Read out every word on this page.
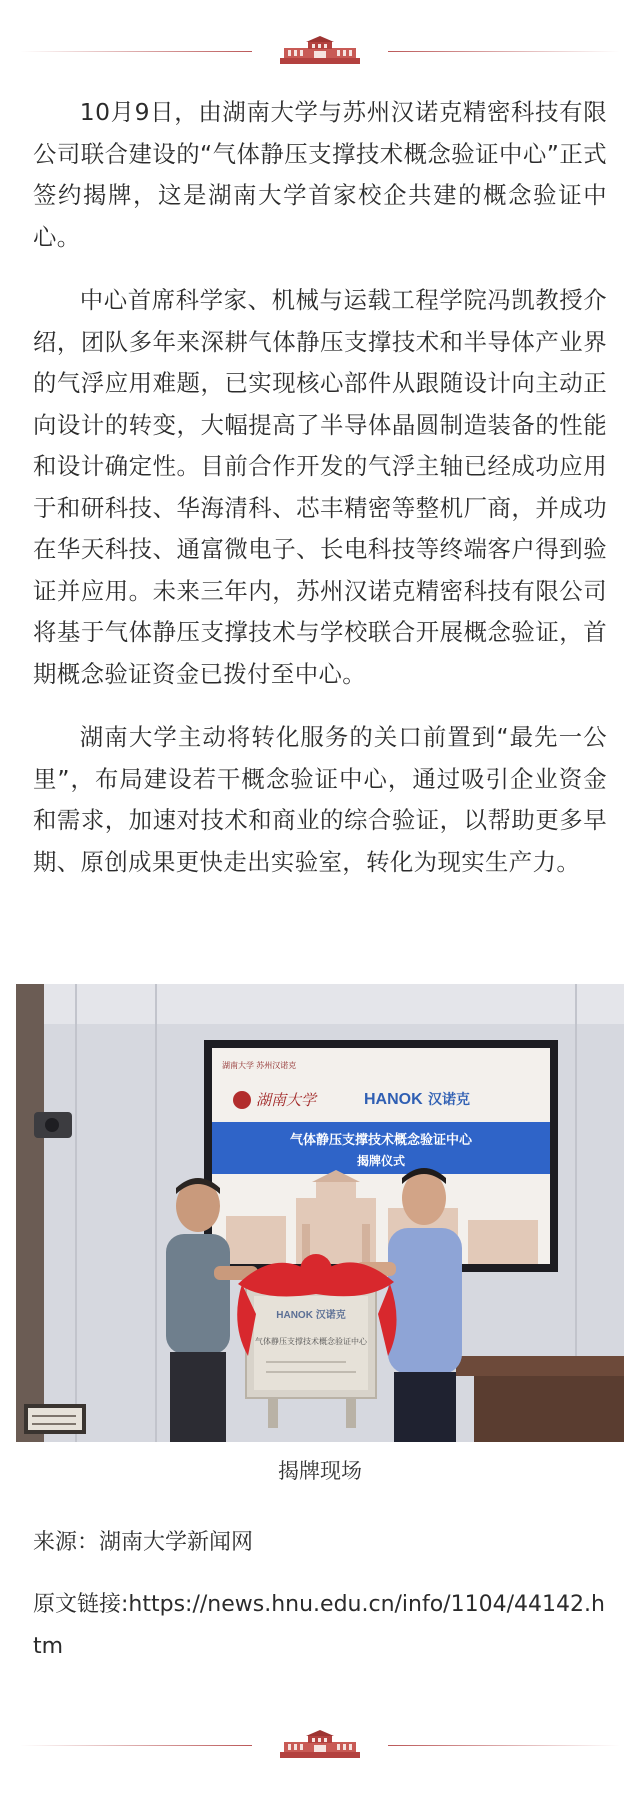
10月9日，由湖南大学与苏州汉诺克精密科技有限公司联合建设的“气体静压支撑技术概念验证中心”正式签约揭牌，这是湖南大学首家校企共建的概念验证中心。

中心首席科学家、机械与运载工程学院冯凯教授介绍，团队多年来深耕气体静压支撑技术和半导体产业界的气浮应用难题，已实现核心部件从跟随设计向主动正向设计的转变，大幅提高了半导体晶圆制造装备的性能和设计确定性。目前合作开发的气浮主轴已经成功应用于和研科技、华海清科、芯丰精密等整机厂商，并成功在华天科技、通富微电子、长电科技等终端客户得到验证并应用。未来三年内，苏州汉诺克精密科技有限公司将基于气体静压支撑技术与学校联合开展概念验证，首期概念验证资金已拨付至中心。

湖南大学主动将转化服务的关口前置到“最先一公里”，布局建设若干概念验证中心，通过吸引企业资金和需求，加速对技术和商业的综合验证，以帮助更多早期、原创成果更快走出实验室，转化为现实生产力。

湖南大学 苏州汉诺克
湖南大学	HANOK 汉诺克
气体静压支撑技术概念验证中心
揭牌仪式
HANOK 汉诺克
气体静压支撑技术概念验证中心
揭牌现场
来源：湖南大学新闻网
原文链接:https://news.hnu.edu.cn/info/1104/44142.htm
